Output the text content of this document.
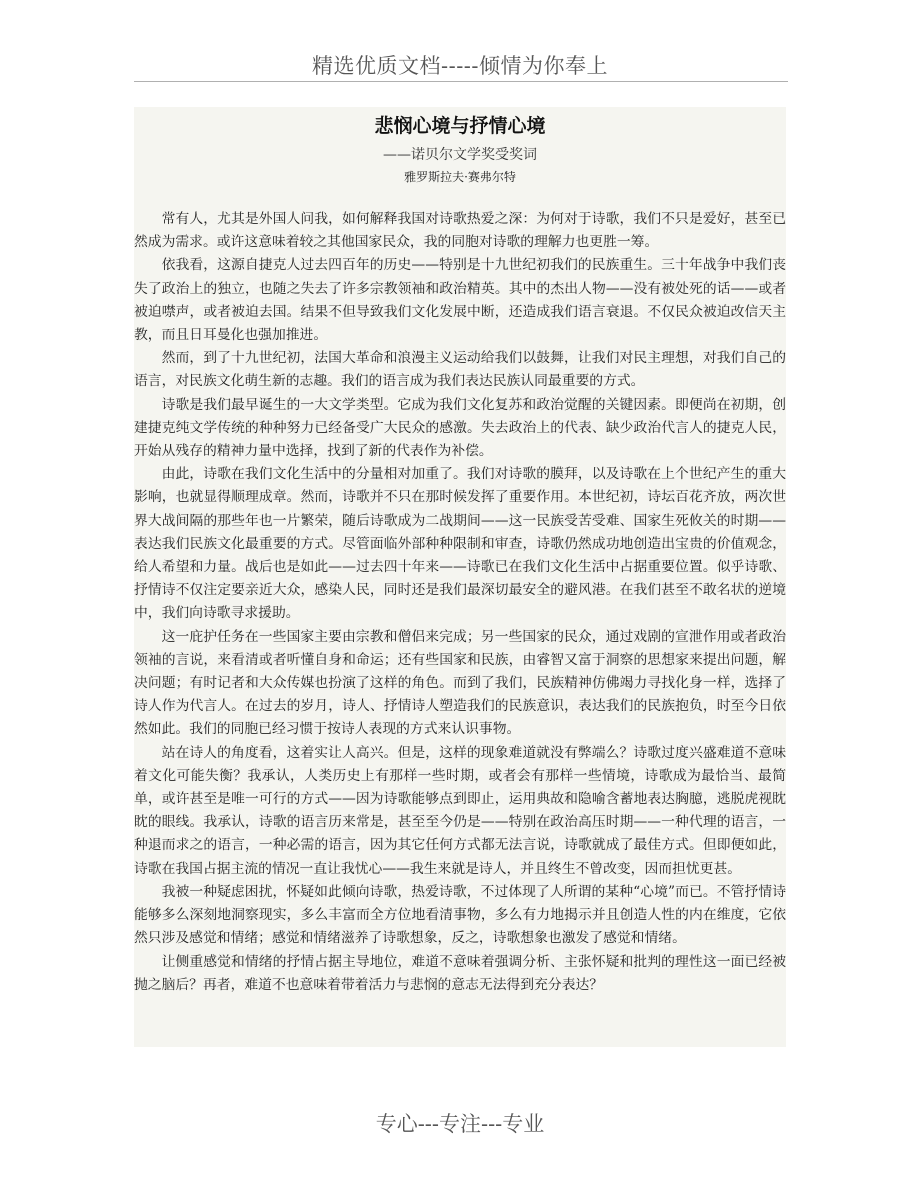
精选优质文档-----倾情为你奉上
悲悯心境与抒情心境
——诺贝尔文学奖受奖词
雅罗斯拉夫·赛弗尔特

常有人，尤其是外国人问我，如何解释我国对诗歌热爱之深：为何对于诗歌，我们不只是爱好，甚至已然成为需求。或许这意味着较之其他国家民众，我的同胞对诗歌的理解力也更胜一筹。

依我看，这源自捷克人过去四百年的历史——特别是十九世纪初我们的民族重生。三十年战争中我们丧失了政治上的独立，也随之失去了许多宗教领袖和政治精英。其中的杰出人物——没有被处死的话——或者被迫噤声，或者被迫去国。结果不但导致我们文化发展中断，还造成我们语言衰退。不仅民众被迫改信天主教，而且日耳曼化也强加推进。

然而，到了十九世纪初，法国大革命和浪漫主义运动给我们以鼓舞，让我们对民主理想，对我们自己的语言，对民族文化萌生新的志趣。我们的语言成为我们表达民族认同最重要的方式。

诗歌是我们最早诞生的一大文学类型。它成为我们文化复苏和政治觉醒的关键因素。即便尚在初期，创建捷克纯文学传统的种种努力已经备受广大民众的感激。失去政治上的代表、缺少政治代言人的捷克人民，开始从残存的精神力量中选择，找到了新的代表作为补偿。

由此，诗歌在我们文化生活中的分量相对加重了。我们对诗歌的膜拜，以及诗歌在上个世纪产生的重大影响，也就显得顺理成章。然而，诗歌并不只在那时候发挥了重要作用。本世纪初，诗坛百花齐放，两次世界大战间隔的那些年也一片繁荣，随后诗歌成为二战期间——这一民族受苦受难、国家生死攸关的时期——表达我们民族文化最重要的方式。尽管面临外部种种限制和审查，诗歌仍然成功地创造出宝贵的价值观念，给人希望和力量。战后也是如此——过去四十年来——诗歌已在我们文化生活中占据重要位置。似乎诗歌、抒情诗不仅注定要亲近大众，感染人民，同时还是我们最深切最安全的避风港。在我们甚至不敢名状的逆境中，我们向诗歌寻求援助。

这一庇护任务在一些国家主要由宗教和僧侣来完成；另一些国家的民众，通过戏剧的宣泄作用或者政治领袖的言说，来看清或者听懂自身和命运；还有些国家和民族，由睿智又富于洞察的思想家来提出问题，解决问题；有时记者和大众传媒也扮演了这样的角色。而到了我们，民族精神仿佛竭力寻找化身一样，选择了诗人作为代言人。在过去的岁月，诗人、抒情诗人塑造我们的民族意识，表达我们的民族抱负，时至今日依然如此。我们的同胞已经习惯于按诗人表现的方式来认识事物。

站在诗人的角度看，这着实让人高兴。但是，这样的现象难道就没有弊端么？诗歌过度兴盛难道不意味着文化可能失衡？我承认，人类历史上有那样一些时期，或者会有那样一些情境，诗歌成为最恰当、最简单，或许甚至是唯一可行的方式——因为诗歌能够点到即止，运用典故和隐喻含蓄地表达胸臆，逃脱虎视眈眈的眼线。我承认，诗歌的语言历来常是，甚至至今仍是——特别在政治高压时期——一种代理的语言，一种退而求之的语言，一种必需的语言，因为其它任何方式都无法言说，诗歌就成了最佳方式。但即便如此，诗歌在我国占据主流的情况一直让我忧心——我生来就是诗人，并且终生不曾改变，因而担忧更甚。

我被一种疑虑困扰，怀疑如此倾向诗歌，热爱诗歌，不过体现了人所谓的某种“心境”而已。不管抒情诗能够多么深刻地洞察现实，多么丰富而全方位地看清事物，多么有力地揭示并且创造人性的内在维度，它依然只涉及感觉和情绪；感觉和情绪滋养了诗歌想象，反之，诗歌想象也激发了感觉和情绪。

让侧重感觉和情绪的抒情占据主导地位，难道不意味着强调分析、主张怀疑和批判的理性这一面已经被抛之脑后？再者，难道不也意味着带着活力与悲悯的意志无法得到充分表达？

专心---专注---专业
